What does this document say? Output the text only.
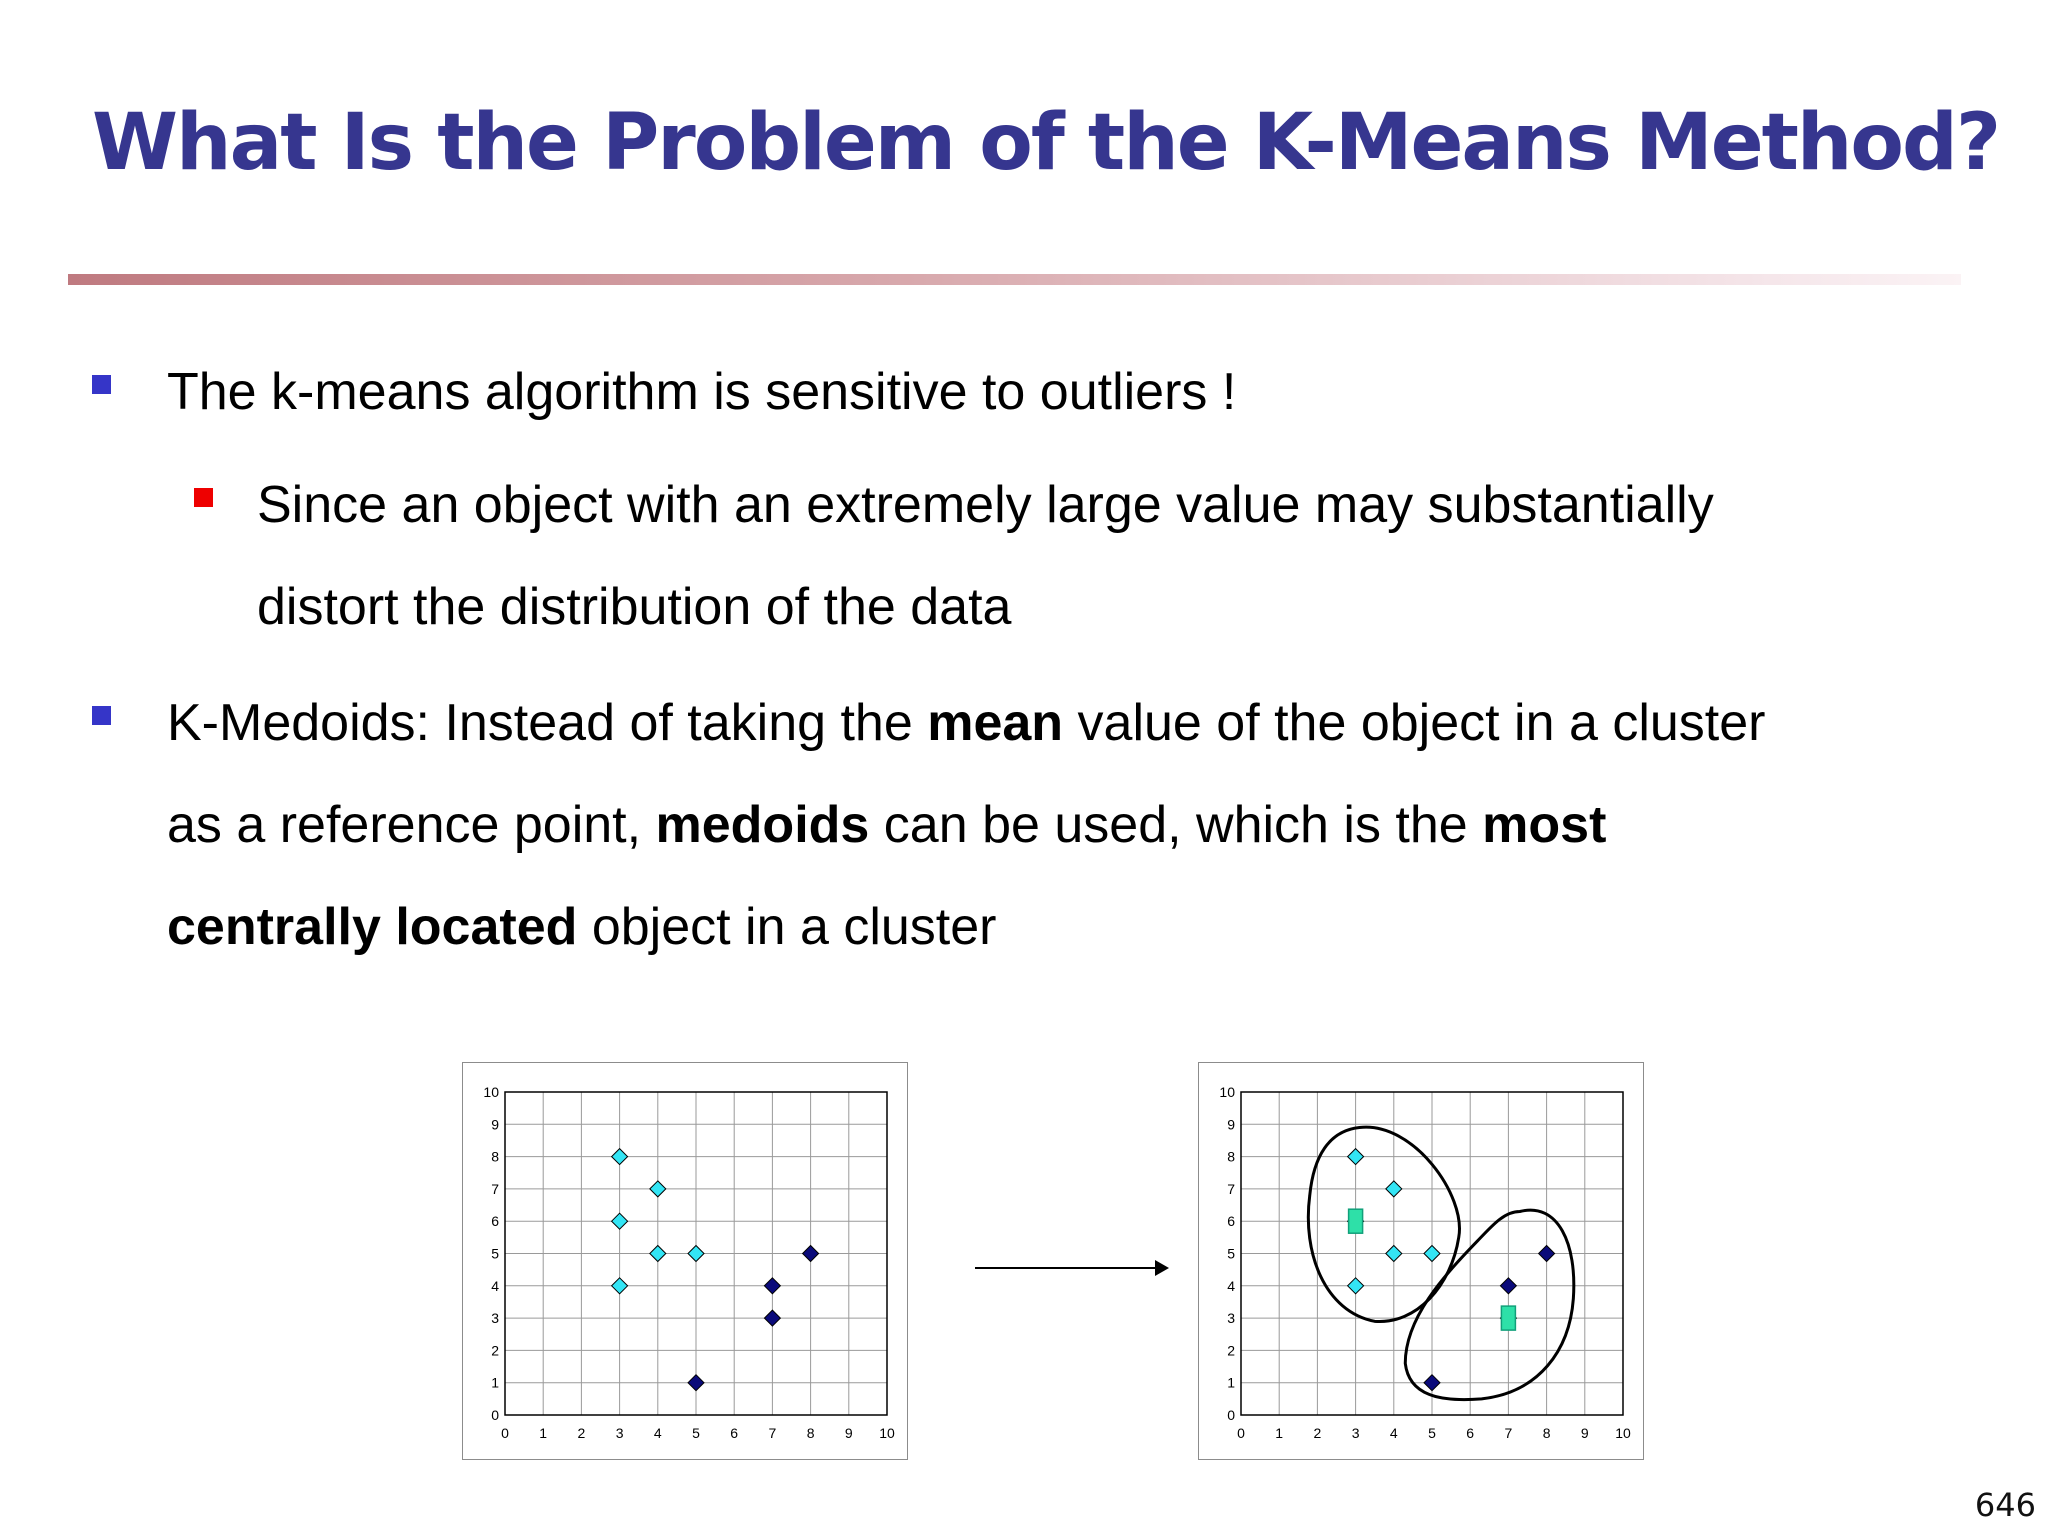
What Is the Problem of the K-Means Method?
The k-means algorithm is sensitive to outliers !
Since an object with an extremely large value may substantially
distort the distribution of the data
K-Medoids: Instead of taking the mean value of the object in a cluster
as a reference point, medoids can be used, which is the most
centrally located object in a cluster
0 1 2 3 4 5 6 7 8 9 10
0
1
2
3
4
5
6
7
8
9
10
0 1 2 3 4 5 6 7 8 9 10
0
1
2
3
4
5
6
7
8
9
10
646
